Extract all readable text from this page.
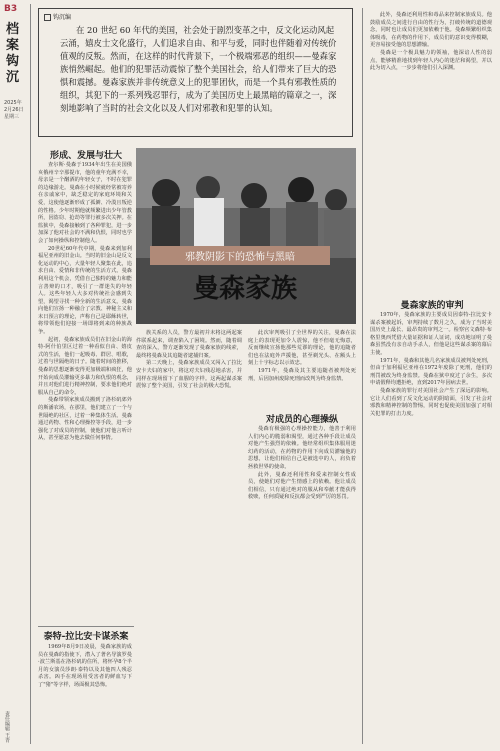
B3
档案钩沉
2025年
2月26日
星期三
责任编辑 王青
钩沉编
在 20 世纪 60 年代的美国，社会处于剧烈变革之中，反文化运动风起云涌，嬉皮士文化盛行，人们追求自由、和平与爱，同时也伴随着对传统价值观的反叛。然而，在这样的时代背景下，一个极端邪恶的组织——曼森家族悄然崛起。他们的犯罪活动震惊了整个美国社会，给人们带来了巨大的恐惧和震撼。曼森家族并非传统意义上的犯罪团伙，而是一个具有邪教性质的组织，其犯下的一系列残忍罪行，成为了美国历史上最黑暗的篇章之一，深刻地影响了当时的社会文化以及人们对邪教和犯罪的认知。
形成、发展与壮大

查尔斯·曼森于1934年出生在美国俄亥俄州辛辛那提市，他的童年充满不幸，母亲是一个酗酒的年轻女子，不时在犯罪的边缘游走。曼森在小时候就经常被寄养在亲戚家中，缺乏稳定的家庭环境和关爱，这使他逐渐形成了孤僻、冷漠且叛逆的性格。少年时期他就频繁进出少年管教所，因盗窃、抢劫等罪行被多次关押。在监狱中，曼森接触到了各种罪犯，进一步加深了他对社会的不满和仇恨，同时也学会了如何操纵和控制他人。

20世纪60年代中期，曼森来到加利福尼亚州的旧金山。当时的旧金山是反文化运动的中心，大量年轻人聚集在此，追求自由、爱情和非传统的生活方式。曼森利用这个机会，凭借自己独特的魅力和能言善辩的口才，吸引了一群迷失的年轻人。这些年轻人大多对传统社会感到失望，渴望寻找一种全新的生活意义。曼森向他们宣扬一种融合了宗教、神秘主义和末日预言的理论，声称自己是耶稣转世，将带领他们迎接一场即将到来的种族战争。

起初，曼森家族成员们在旧金山的海特-阿什伯里区过着一种看似自由、嬉皮式的生活，他们一起吸毒、群居、唱歌，过着与世隔绝的日子。随着时间的推移，曼森的思想逐渐变得更加极端和疯狂，他开始向成员灌输更多暴力和仇恨的观念，并且对他们进行精神控制，要求他们绝对服从自己的命令。

曼森带领家族成员搬到了洛杉矶郊外的斯潘农场，在那里，他们建立了一个与世隔绝的社区，过着一种集体生活。曼森通过药物、性和心理操控等手段，进一步强化了对成员的控制，使他们对他言听计从，甚至愿意为他去做任何事情。

泰特-拉比安卡谋杀案

1969年8月9日凌晨，曼森家族的成员在曼森的指使下，潜入了著名导演罗曼·波兰斯基在洛杉矶的住所，将怀孕8个半月的女演员莎朗·泰特以及其他四人残忍杀害。凶手在现场用受害者的鲜血写下了"猪"等字样，场面极其恐怖。

邪教阴影下的恐怖与黑暗
曼森家族

族关系的人员，警方最初并未将这两起案件联系起来，调查陷入了困境。然而，随着调查的深入，警方逐渐发现了曼森家族的线索，最终将曼森及其追随者逮捕归案。

第二天晚上，曼森家族成员又闯入了拉比安卡夫妇的家中，将这对夫妇残忍地杀害，并同样在现场留下了血腥的字样。这两起谋杀案震惊了整个美国，引发了社会的极大恐慌。

此次审判吸引了全世界的关注，曼森在法庭上的表现更加令人震惊，他不但毫无悔意，反而继续宣扬他那些荒谬的理论，他的追随者们也在法庭外声援他，甚至剃光头、在额头上刻上十字标志以示效忠。

1971年，曼森及其主要追随者被判处死刑，后因加州废除死刑而改判为终身监禁。

对成员的心理操纵

曼森有极强的心理操控能力，他善于利用人们内心的脆弱和渴望，通过各种手段让成员对他产生强烈的依赖。他经常组织集体服用迷幻药的活动，在药物的作用下向成员灌输他的思想，让他们相信自己是被选中的人，肩负着拯救世界的使命。

此外，曼森还利用性和爱来控制女性成员，使她们对他产生情感上的依赖。他让成员们相信，只有通过绝对的服从和奉献才能获得救赎，任何质疑和反抗都会受到严厉的惩罚。

此外，曼森还利用性和毒品来控制家族成员。他鼓励成员之间进行自由的性行为，打破传统的道德观念，同时也让成员们更加依赖于他。曼森频繁组织集体吸毒，在药物的作用下，成员们的意识变得模糊，更容易接受他的思想灌输。

曼森是一个极具魅力的领袖，他深谙人性的弱点，能够精准地找到年轻人内心的迷茫和渴望，并以此为切入点，一步步将他们引入深渊。

曼森家族的审判

1970年，曼森家族的主要成员因泰特-拉比安卡谋杀案被起诉，审判持续了数月之久，成为了当时美国历史上最长、最昂贵的审判之一。检察官文森特·布格里奥西凭借大量证据和证人证词，成功地证明了曼森虽然没有亲自动手杀人，但他是这些谋杀案的幕后主使。

1971年，曼森和其他几名家族成员被判处死刑，但由于加利福尼亚州在1972年废除了死刑，他们的刑罚被改为终身监禁。曼森在狱中度过了余生，多次申请假释均遭拒绝，直到2017年因病去世。

曼森家族的罪行对美国社会产生了深远的影响。它让人们看到了反文化运动的阴暗面，引发了社会对邪教和精神控制的警惕，同时也促使美国加强了对相关犯罪的打击力度。
